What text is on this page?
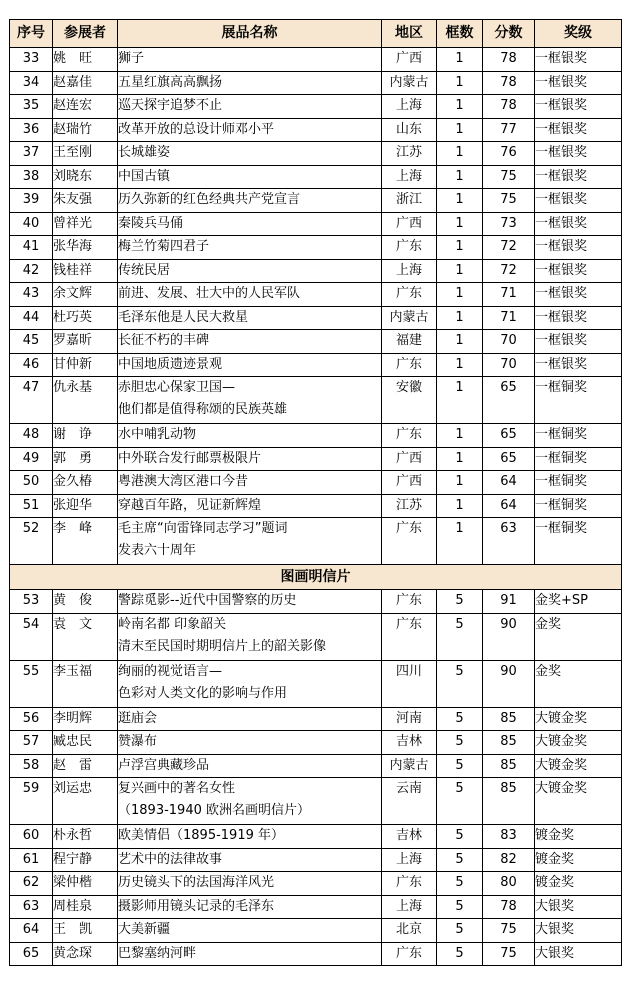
序号	参展者	展品名称	地区	框数	分数	奖级
33	姚　旺	狮子	广西	1	78	一框银奖
34	赵嘉佳	五星红旗高高飘扬	内蒙古	1	78	一框银奖
35	赵连宏	巡天探宇追梦不止	上海	1	78	一框银奖
36	赵瑞竹	改革开放的总设计师邓小平	山东	1	77	一框银奖
37	王至刚	长城雄姿	江苏	1	76	一框银奖
38	刘晓东	中国古镇	上海	1	75	一框银奖
39	朱友强	历久弥新的红色经典共产党宣言	浙江	1	75	一框银奖
40	曾祥光	秦陵兵马俑	广西	1	73	一框银奖
41	张华海	梅兰竹菊四君子	广东	1	72	一框银奖
42	钱桂祥	传统民居	上海	1	72	一框银奖
43	余文辉	前进、发展、壮大中的人民军队	广东	1	71	一框银奖
44	杜巧英	毛泽东他是人民大救星	内蒙古	1	71	一框银奖
45	罗嘉昕	长征不朽的丰碑	福建	1	70	一框银奖
46	甘仲新	中国地质遗迹景观	广东	1	70	一框银奖
47	仇永基	赤胆忠心保家卫国—
他们都是值得称颂的民族英雄	安徽	1	65	一框铜奖
48	谢　诤	水中哺乳动物	广东	1	65	一框铜奖
49	郭　勇	中外联合发行邮票极限片	广西	1	65	一框铜奖
50	金久椿	粤港澳大湾区港口今昔	广西	1	64	一框铜奖
51	张迎华	穿越百年路，见证新辉煌	江苏	1	64	一框铜奖
52	李　峰	毛主席“向雷锋同志学习”题词
发表六十周年	广东	1	63	一框铜奖
图画明信片						
53	黄　俊	警踪觅影--近代中国警察的历史	广东	5	91	金奖+SP
54	袁　文	岭南名都 印象韶关
清末至民国时期明信片上的韶关影像	广东	5	90	金奖
55	李玉福	绚丽的视觉语言—
色彩对人类文化的影响与作用	四川	5	90	金奖
56	李明辉	逛庙会	河南	5	85	大镀金奖
57	臧忠民	赞瀑布	吉林	5	85	大镀金奖
58	赵　雷	卢浮宫典藏珍品	内蒙古	5	85	大镀金奖
59	刘运忠	复兴画中的著名女性
（1893-1940 欧洲名画明信片）	云南	5	85	大镀金奖
60	朴永哲	欧美情侣（1895-1919 年）	吉林	5	83	镀金奖
61	程宁静	艺术中的法律故事	上海	5	82	镀金奖
62	梁仲楷	历史镜头下的法国海洋风光	广东	5	80	镀金奖
63	周桂泉	摄影师用镜头记录的毛泽东	上海	5	78	大银奖
64	王　凯	大美新疆	北京	5	75	大银奖
65	黄念琛	巴黎塞纳河畔	广东	5	75	大银奖
